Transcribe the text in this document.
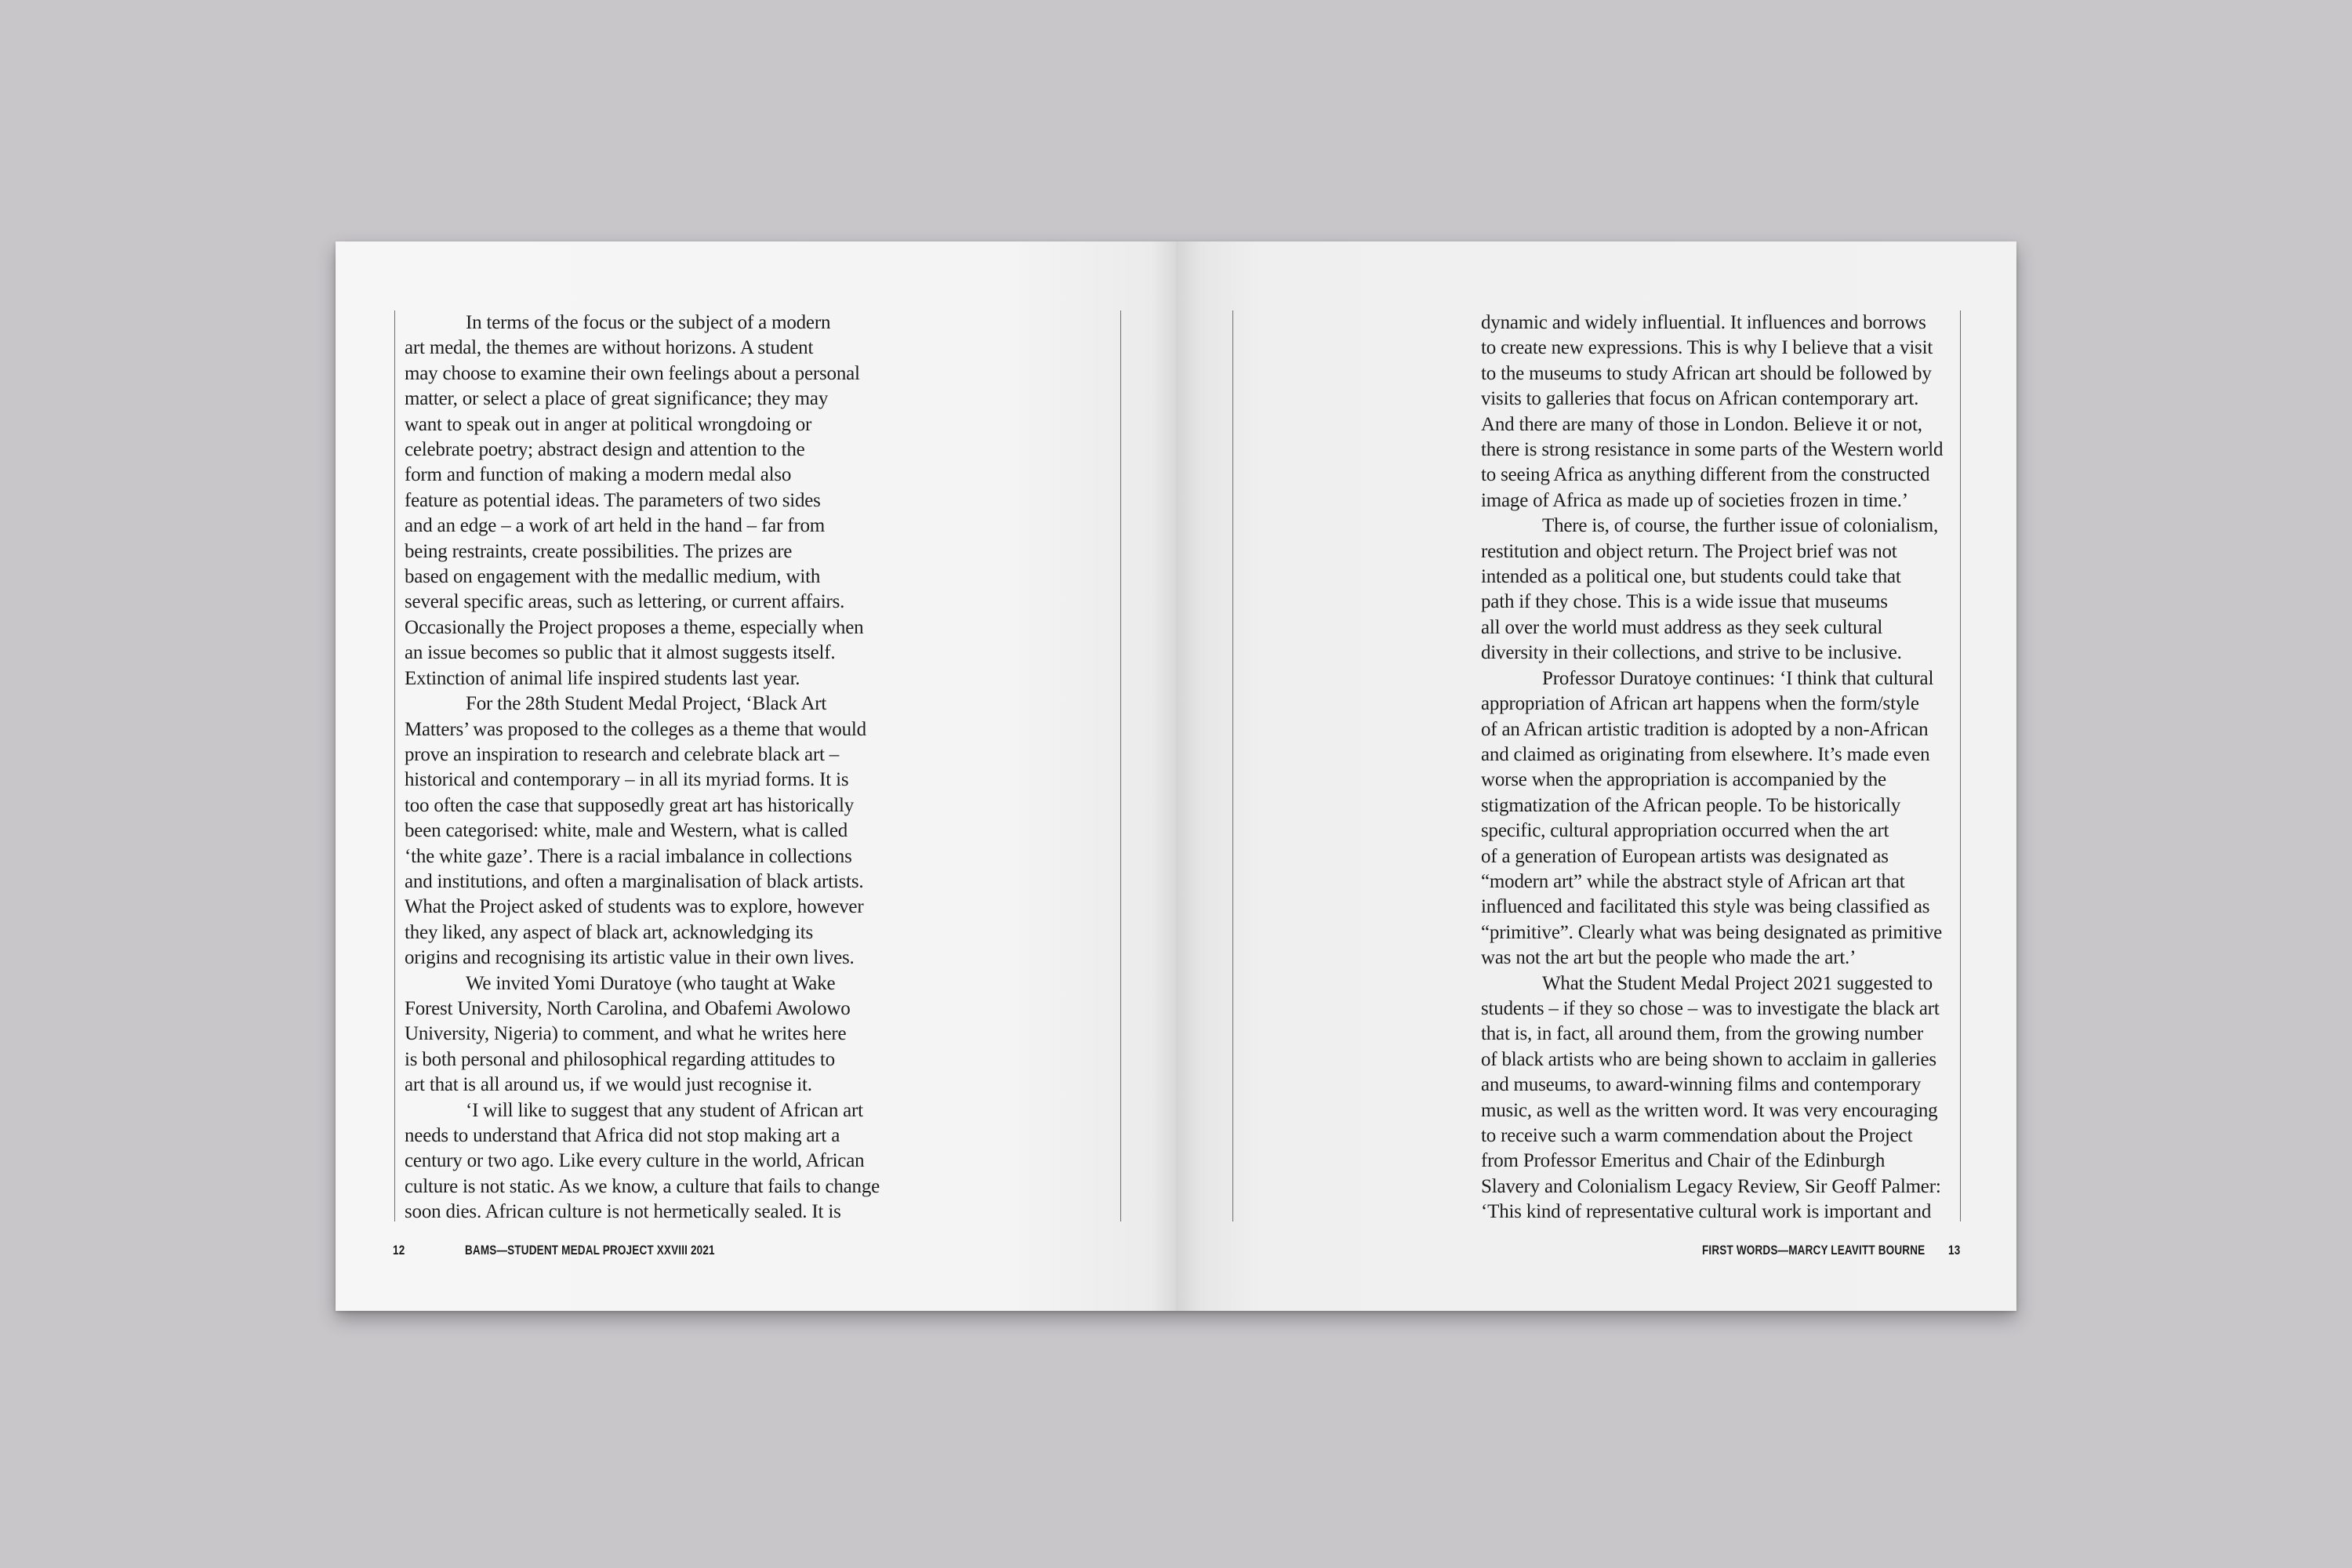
In terms of the focus or the subject of a modern

art medal, the themes are without horizons. A student

may choose to examine their own feelings about a personal

matter, or select a place of great significance; they may

want to speak out in anger at political wrongdoing or

celebrate poetry; abstract design and attention to the

form and function of making a modern medal also

feature as potential ideas. The parameters of two sides

and an edge – a work of art held in the hand – far from

being restraints, create possibilities. The prizes are

based on engagement with the medallic medium, with

several specific areas, such as lettering, or current affairs.

Occasionally the Project proposes a theme, especially when

an issue becomes so public that it almost suggests itself.

Extinction of animal life inspired students last year.

For the 28th Student Medal Project, ‘Black Art

Matters’ was proposed to the colleges as a theme that would

prove an inspiration to research and celebrate black art –

historical and contemporary – in all its myriad forms. It is

too often the case that supposedly great art has historically

been categorised: white, male and Western, what is called

‘the white gaze’. There is a racial imbalance in collections

and institutions, and often a marginalisation of black artists.

What the Project asked of students was to explore, however

they liked, any aspect of black art, acknowledging its

origins and recognising its artistic value in their own lives.

We invited Yomi Duratoye (who taught at Wake

Forest University, North Carolina, and Obafemi Awolowo

University, Nigeria) to comment, and what he writes here

is both personal and philosophical regarding attitudes to

art that is all around us, if we would just recognise it.

‘I will like to suggest that any student of African art

needs to understand that Africa did not stop making art a

century or two ago. Like every culture in the world, African

culture is not static. As we know, a culture that fails to change

soon dies. African culture is not hermetically sealed. It is

12	BAMS—STUDENT MEDAL PROJECT XXVIII 2021

dynamic and widely influential. It influences and borrows

to create new expressions. This is why I believe that a visit

to the museums to study African art should be followed by

visits to galleries that focus on African contemporary art.

And there are many of those in London. Believe it or not,

there is strong resistance in some parts of the Western world

to seeing Africa as anything different from the constructed

image of Africa as made up of societies frozen in time.’

There is, of course, the further issue of colonialism,

restitution and object return. The Project brief was not

intended as a political one, but students could take that

path if they chose. This is a wide issue that museums

all over the world must address as they seek cultural

diversity in their collections, and strive to be inclusive.

Professor Duratoye continues: ‘I think that cultural

appropriation of African art happens when the form/style

of an African artistic tradition is adopted by a non-African

and claimed as originating from elsewhere. It’s made even

worse when the appropriation is accompanied by the

stigmatization of the African people. To be historically

specific, cultural appropriation occurred when the art

of a generation of European artists was designated as

“modern art” while the abstract style of African art that

influenced and facilitated this style was being classified as

“primitive”. Clearly what was being designated as primitive

was not the art but the people who made the art.’

What the Student Medal Project 2021 suggested to

students – if they so chose – was to investigate the black art

that is, in fact, all around them, from the growing number

of black artists who are being shown to acclaim in galleries

and museums, to award-winning films and contemporary

music, as well as the written word. It was very encouraging

to receive such a warm commendation about the Project

from Professor Emeritus and Chair of the Edinburgh

Slavery and Colonialism Legacy Review, Sir Geoff Palmer:

‘This kind of representative cultural work is important and

FIRST WORDS—MARCY LEAVITT BOURNE 13
